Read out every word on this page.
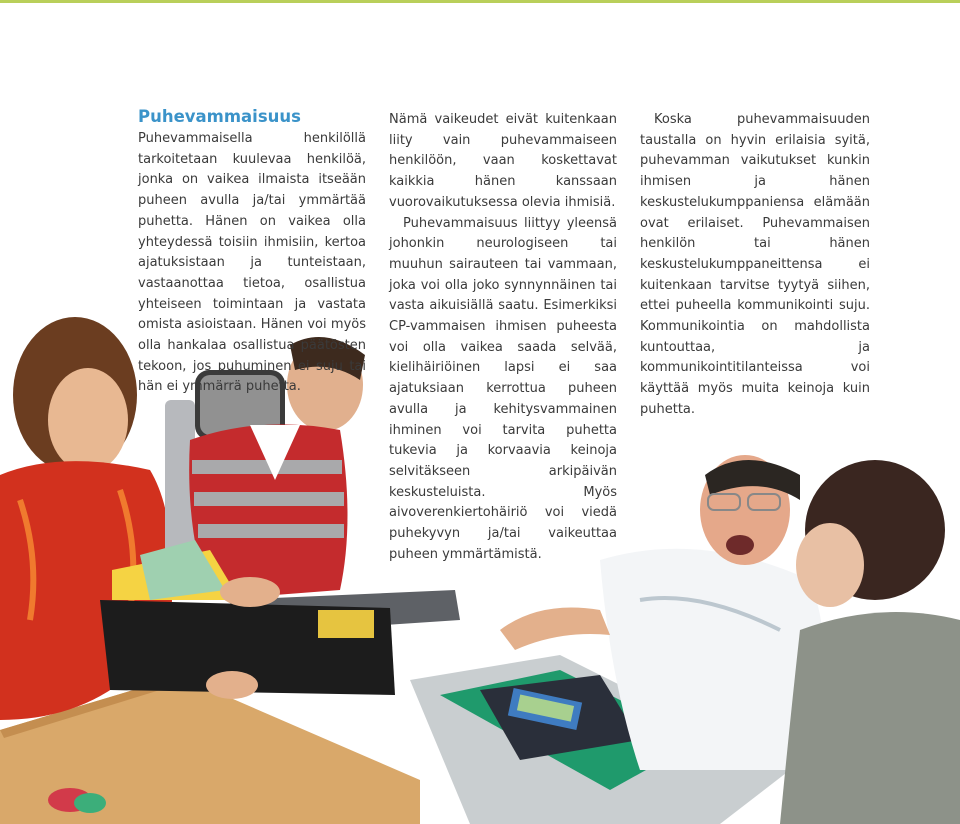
Puhevammaisuus

Puhevammaisella henkilöllä tarkoitetaan kuulevaa henkilöä, jonka on vaikea ilmaista itseään puheen avulla ja/tai ymmärtää puhetta. Hänen on vaikea olla yhteydessä toisiin ihmisiin, kertoa ajatuksistaan ja tunteistaan, vastaanottaa tietoa, osallistua yhteiseen toimintaan ja vastata omista asioistaan. Hänen voi myös olla hankalaa osallistua päätösten tekoon, jos puhuminen ei suju tai hän ei ymmärrä puhetta.

Nämä vaikeudet eivät kuitenkaan liity vain puhevammaiseen henkilöön, vaan koskettavat kaikkia hänen kanssaan vuorovaikutuksessa olevia ihmisiä.

Puhevammaisuus liittyy yleensä johonkin neurologiseen tai muuhun sairauteen tai vammaan, joka voi olla joko synnynnäinen tai vasta aikuisiällä saatu. Esimerkiksi CP-vammaisen ihmisen puheesta voi olla vaikea saada selvää, kielihäiriöinen lapsi ei saa ajatuksiaan kerrottua puheen avulla ja kehitysvammainen ihminen voi tarvita puhetta tukevia ja korvaavia keinoja selvitäkseen arkipäivän keskusteluista. Myös aivoverenkiertohäiriö voi viedä puhekyvyn ja/tai vaikeuttaa puheen ymmärtämistä.

Koska puhevammaisuuden taustalla on hyvin erilaisia syitä, puhevamman vaikutukset kunkin ihmisen ja hänen keskustelukumppaniensa elämään ovat erilaiset. Puhevammaisen henkilön tai hänen keskustelukumppaneittensa ei kuitenkaan tarvitse tyytyä siihen, ettei puheella kommunikointi suju. Kommunikointia on mahdollista kuntouttaa, ja kommunikointitilanteissa voi käyttää myös muita keinoja kuin puhetta.
